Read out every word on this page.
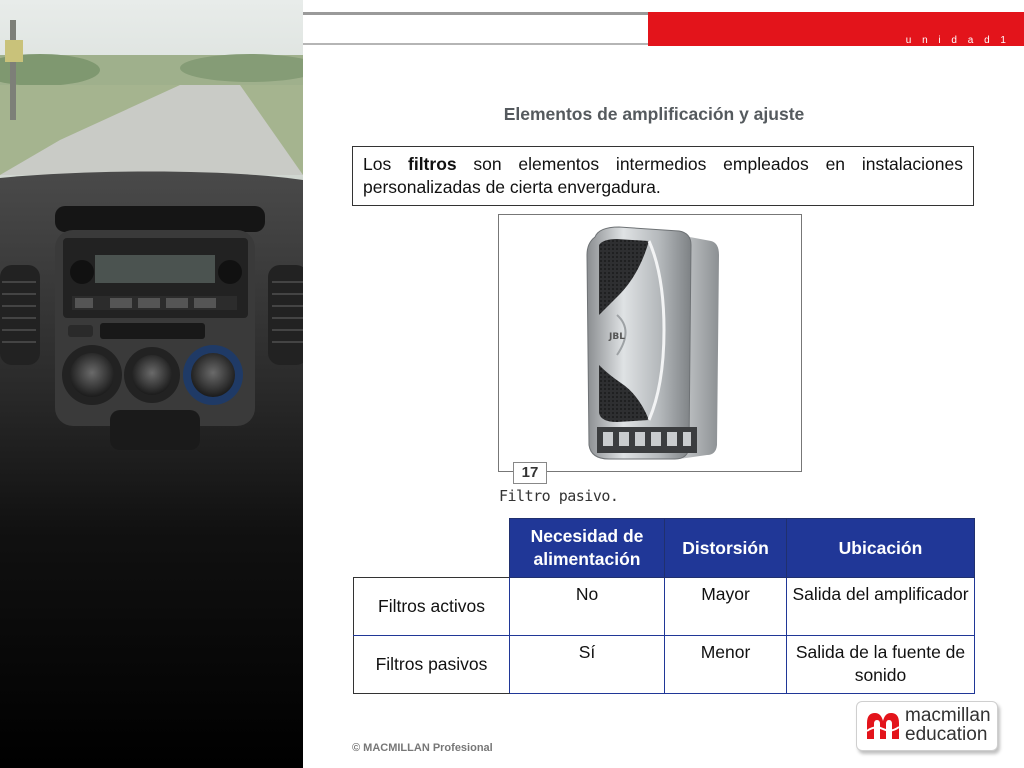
u n i d a d 1
Elementos de amplificación y ajuste
Los filtros son elementos intermedios empleados en instalaciones personalizadas de cierta envergadura.
JBL
17
Filtro pasivo.
	Necesidad de alimentación	Distorsión	Ubicación
Filtros activos	No	Mayor	Salida del amplificador
Filtros pasivos	Sí	Menor	Salida de la fuente de sonido
© MACMILLAN Profesional
macmillan
education
